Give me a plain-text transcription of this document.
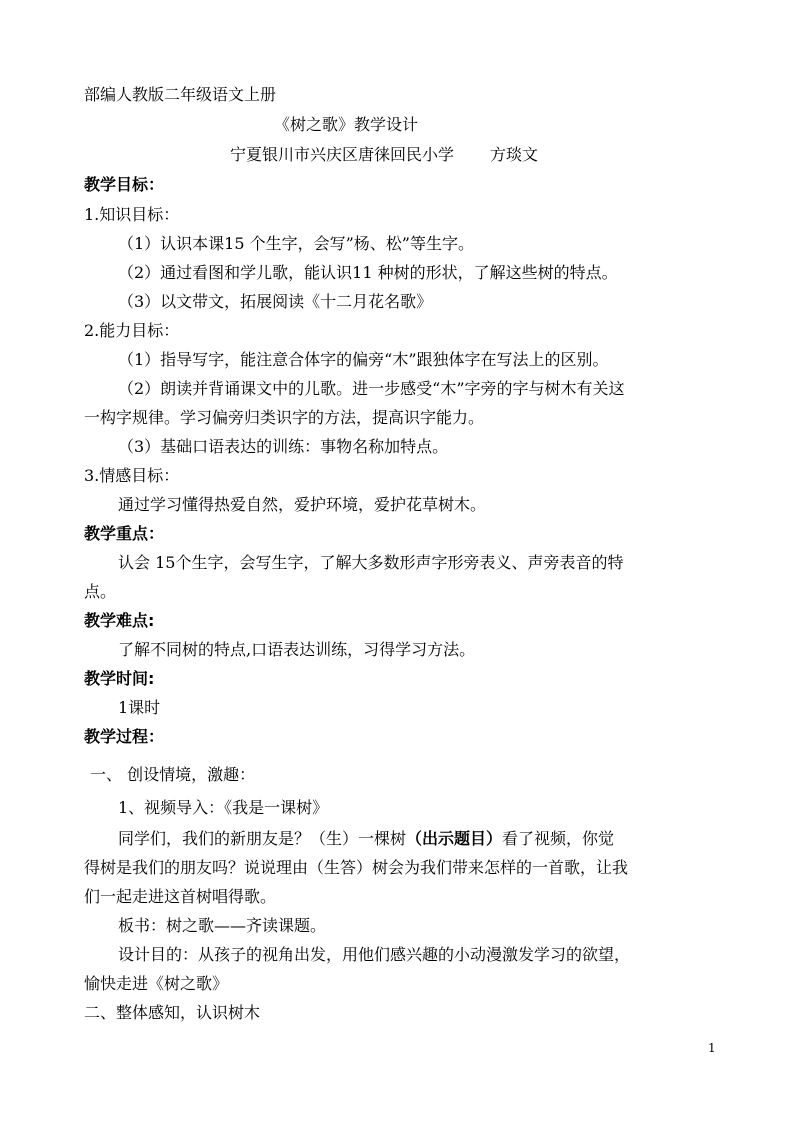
部编人教版二年级语文上册
《树之歌》教学设计
宁夏银川市兴庆区唐徕回民小学 方琰文
教学目标：
1.知识目标：
（1）认识本课15 个生字，会写”杨、松”等生字。
（2）通过看图和学儿歌，能认识11 种树的形状，了解这些树的特点。
（3）以文带文，拓展阅读《十二月花名歌》
2.能力目标：
（1）指导写字，能注意合体字的偏旁“木”跟独体字在写法上的区别。
（2）朗读并背诵课文中的儿歌。进一步感受“木”字旁的字与树木有关这
一构字规律。学习偏旁归类识字的方法，提高识字能力。
（3）基础口语表达的训练：事物名称加特点。
3.情感目标：
通过学习懂得热爱自然，爱护环境，爱护花草树木。
教学重点：
认会 15个生字，会写生字，了解大多数形声字形旁表义、声旁表音的特
点。
教学难点:
了解不同树的特点,口语表达训练，习得学习方法。
教学时间:
1课时
教学过程：
一、 创设情境，激趣：
1、视频导入：《我是一课树》
同学们，我们的新朋友是？（生）一棵树（出示题目）看了视频，你觉
得树是我们的朋友吗？说说理由（生答）树会为我们带来怎样的一首歌，让我
们一起走进这首树唱得歌。
板书：树之歌——齐读课题。
设计目的：从孩子的视角出发，用他们感兴趣的小动漫激发学习的欲望，
愉快走进《树之歌》
二、整体感知，认识树木
1
